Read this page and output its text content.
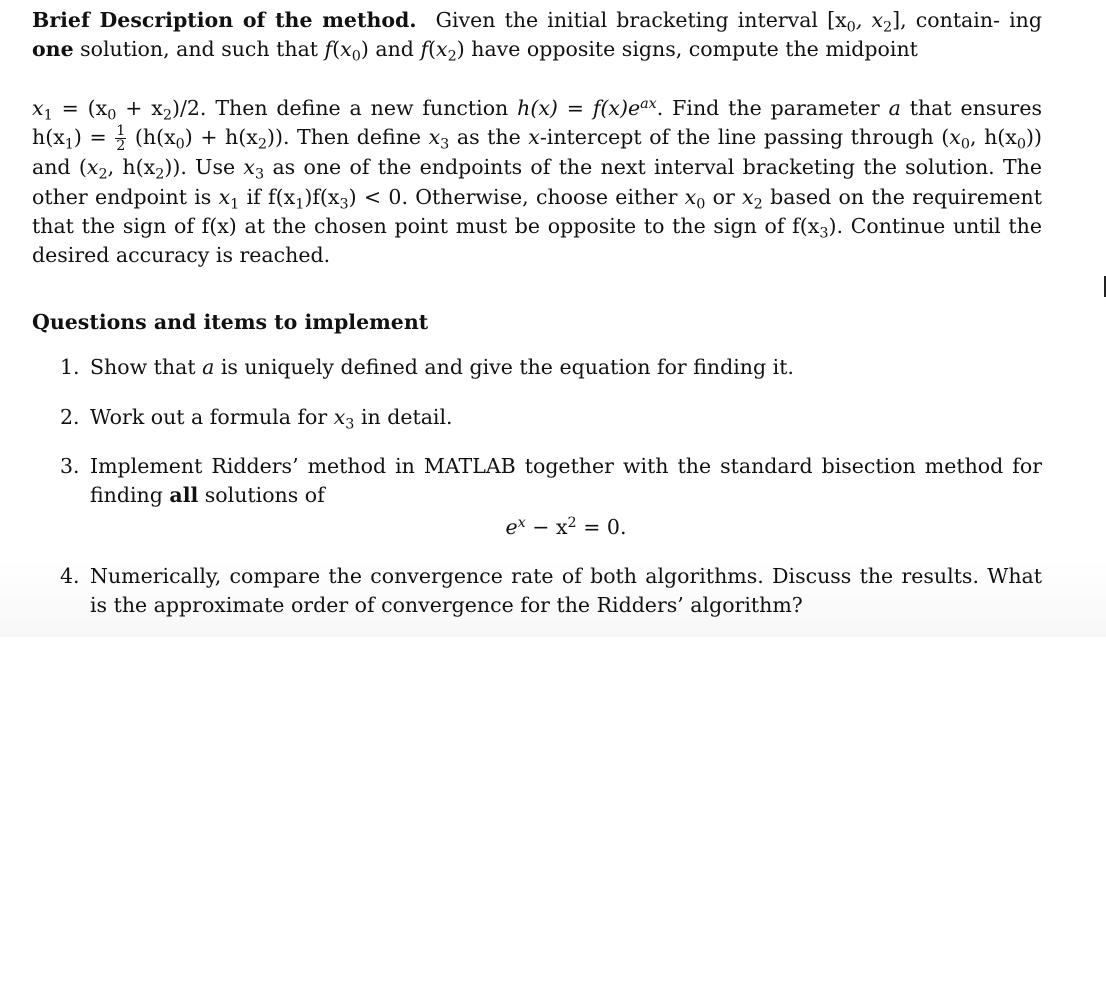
Brief Description of the method. Given the initial bracketing interval [$x_0$, $x_2$], contain- ing one solution, and such that $f(x_0)$ and $f(x_2)$ have opposite signs, compute the midpoint

$x_1 = (x_0 + x_2)/2$. Then define a new function $h(x) = f(x)e^{ax}$. Find the parameter a that ensures $h(x_1) = \frac{1}{2} (h(x_0) + h(x_2))$. Then define $x_3$ as the x-intercept of the line passing through ($x_0$, $h(x_0)$) and ($x_2$, $h(x_2)$). Use $x_3$ as one of the endpoints of the next interval bracketing the solution. The other endpoint is $x_1$ if $f(x_1)f(x_3) < 0$. Otherwise, choose either $x_0$ or $x_2$ based on the requirement that the sign of f(x) at the chosen point must be opposite to the sign of $f(x_3)$. Continue until the desired accuracy is reached.

Questions and items to implement
1. Show that a is uniquely defined and give the equation for finding it.
2. Work out a formula for $x_3$ in detail.
3. Implement Ridders’ method in MATLAB together with the standard bisection method for finding all solutions of
$e^x - x^2 = 0$.
4. Numerically, compare the convergence rate of both algorithms. Discuss the results. What is the approximate order of convergence for the Ridders’ algorithm?
